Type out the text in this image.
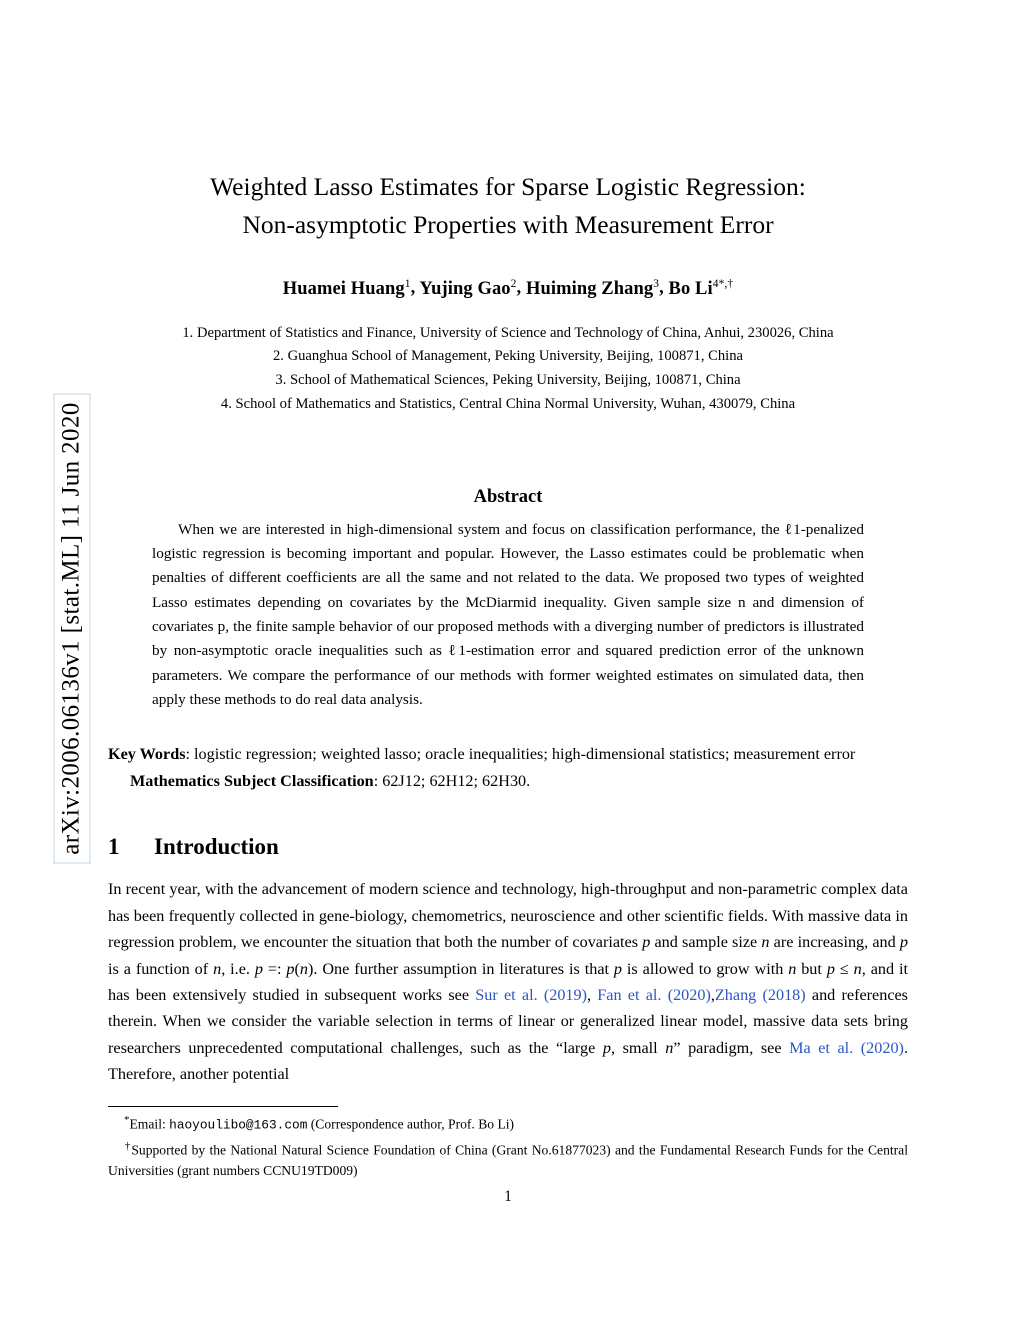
arXiv:2006.06136v1 [stat.ML] 11 Jun 2020
Weighted Lasso Estimates for Sparse Logistic Regression:
Non-asymptotic Properties with Measurement Error
Huamei Huang$^1$, Yujing Gao$^2$, Huiming Zhang$^3$, Bo $Li^{4*,\dagger}$
1. Department of Statistics and Finance, University of Science and Technology of China, Anhui, 230026, China
2. Guanghua School of Management, Peking University, Beijing, 100871, China
3. School of Mathematical Sciences, Peking University, Beijing, 100871, China
4. School of Mathematics and Statistics, Central China Normal University, Wuhan, 430079, China
Abstract
When we are interested in high-dimensional system and focus on classification performance, the ℓ1-penalized logistic regression is becoming important and popular. However, the Lasso estimates could be problematic when penalties of different coefficients are all the same and not related to the data. We proposed two types of weighted Lasso estimates depending on covariates by the McDiarmid inequality. Given sample size n and dimension of covariates p, the finite sample behavior of our proposed methods with a diverging number of predictors is illustrated by non-asymptotic oracle inequalities such as ℓ1-estimation error and squared prediction error of the unknown parameters. We compare the performance of our methods with former weighted estimates on simulated data, then apply these methods to do real data analysis.
Key Words: logistic regression; weighted lasso; oracle inequalities; high-dimensional statistics; measurement error
Mathematics Subject Classification: 62J12; 62H12; 62H30.
1 Introduction
In recent year, with the advancement of modern science and technology, high-throughput and non-parametric complex data has been frequently collected in gene-biology, chemometrics, neuroscience and other scientific fields. With massive data in regression problem, we encounter the situation that both the number of covariates p and sample size n are increasing, and p is a function of n, i.e. p =: p(n). One further assumption in literatures is that p is allowed to grow with n but p ≤ n, and it has been extensively studied in subsequent works see Sur et al. (2019), Fan et al. (2020),Zhang (2018) and references therein. When we consider the variable selection in terms of linear or generalized linear model, massive data sets bring researchers unprecedented computational challenges, such as the “large p, small n” paradigm, see Ma et al. (2020). Therefore, another potential
*Email: haoyoulibo@163.com (Correspondence author, Prof. Bo Li)
†Supported by the National Natural Science Foundation of China (Grant No.61877023) and the Fundamental Research Funds for the Central Universities (grant numbers CCNU19TD009)
1
